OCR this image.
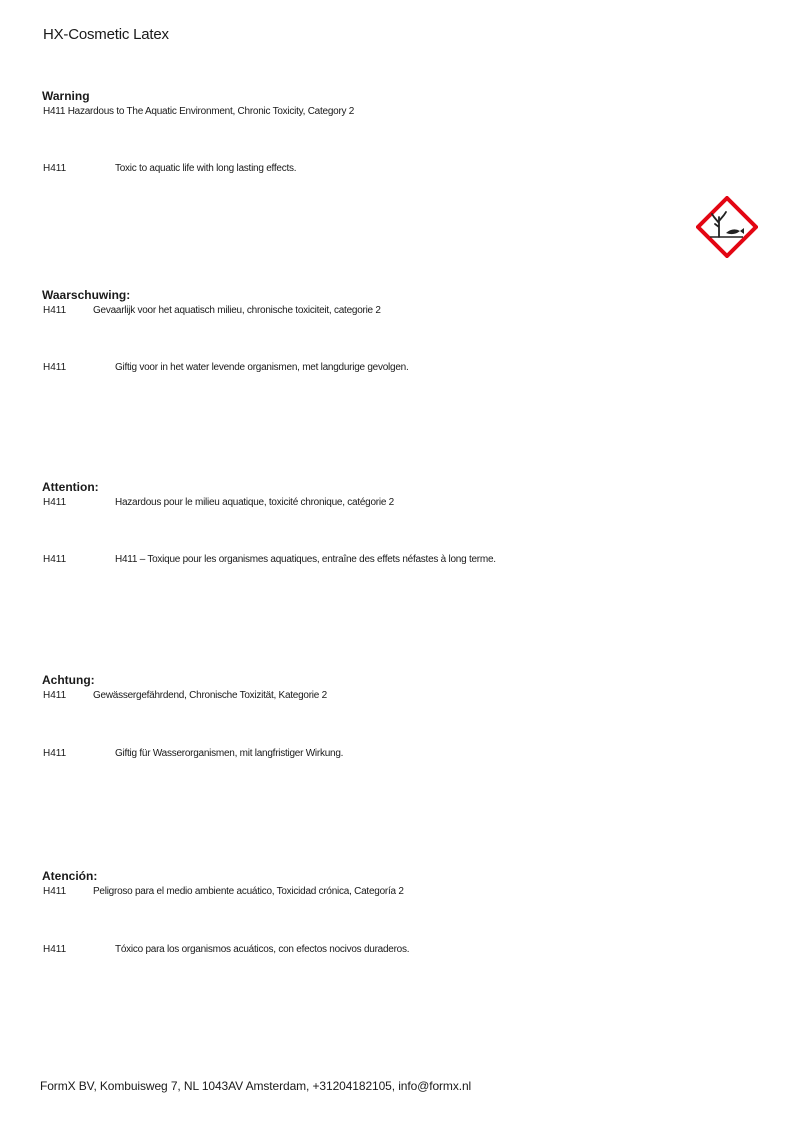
HX-Cosmetic Latex
Warning
H411 Hazardous to The Aquatic Environment, Chronic Toxicity, Category 2
H411	Toxic to aquatic life with long lasting effects.
Waarschuwing:
H411	Gevaarlijk voor het aquatisch milieu, chronische toxiciteit, categorie 2
H411	Giftig voor in het water levende organismen, met langdurige gevolgen.
Attention:
H411	Hazardous pour le milieu aquatique, toxicité chronique, catégorie 2
H411	H411 – Toxique pour les organismes aquatiques, entraîne des effets néfastes à long terme.
Achtung:
H411	Gewässergefährdend, Chronische Toxizität, Kategorie 2
H411	Giftig für Wasserorganismen, mit langfristiger Wirkung.
Atención:
H411	Peligroso para el medio ambiente acuático, Toxicidad crónica, Categoría 2
H411	Tóxico para los organismos acuáticos, con efectos nocivos duraderos.
FormX BV, Kombuisweg 7, NL 1043AV Amsterdam, +31204182105, info@formx.nl
